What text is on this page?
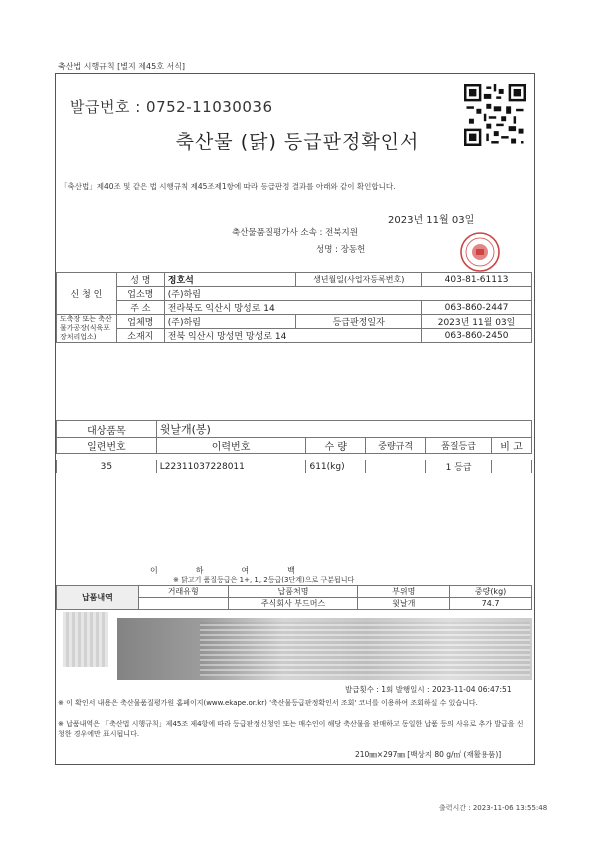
축산법 시행규칙 [별지 제45호 서식]
발급번호 : 0752-11030036
축산물 (닭) 등급판정확인서
「축산법」제40조 및 같은 법 시행규칙 제45조제1항에 따라 등급판정 결과를 아래와 같이 확인합니다.
2023년 11월 03일
축산물품질평가사 소속 : 전북지원
성명 : 장동헌
신 청 인	성 명	정호석	생년월일(사업자등록번호)	403-81-61113
	업소명	(주)하림		
	주 소	전라북도 익산시 망성로 14		063-860-2447
도축장 또는 축산물가공장(식육포장처리업소)	업체명	(주)하림	등급판정일자	2023년 11월 03일
	소재지	전북 익산시 망성면 망성로 14		063-860-2450
대상품목	윗날개(봉)				
일련번호	이력번호	수 량	중량규격	품질등급	비 고
35	L22311037228011	611(kg)		1 등급	
이하여백
※ 닭고기 품질등급은 1+, 1, 2등급(3단계)으로 구분됩니다
납품내역	거래유형	납품처명	부위명	중량(kg)
		주식회사 부드머스	윗날개	74.7
발급횟수 : 1회 발행일시 : 2023-11-04 06:47:51
※ 이 확인서 내용은 축산물품질평가원 홈페이지(www.ekape.or.kr) '축산물등급판정확인서 조회' 코너를 이용하여 조회하실 수 있습니다.
※ 납품내역은 「축산법 시행규칙」제45조 제4항에 따라 등급판정신청인 또는 매수인이 해당 축산물을 판매하고 동일한 납품 등의 사유로 추가 발급을 신청한 경우에만 표시됩니다.
210㎜×297㎜ [백상지 80 g/㎡ (재활용품)]
출력시간 : 2023-11-06 13:55:48
